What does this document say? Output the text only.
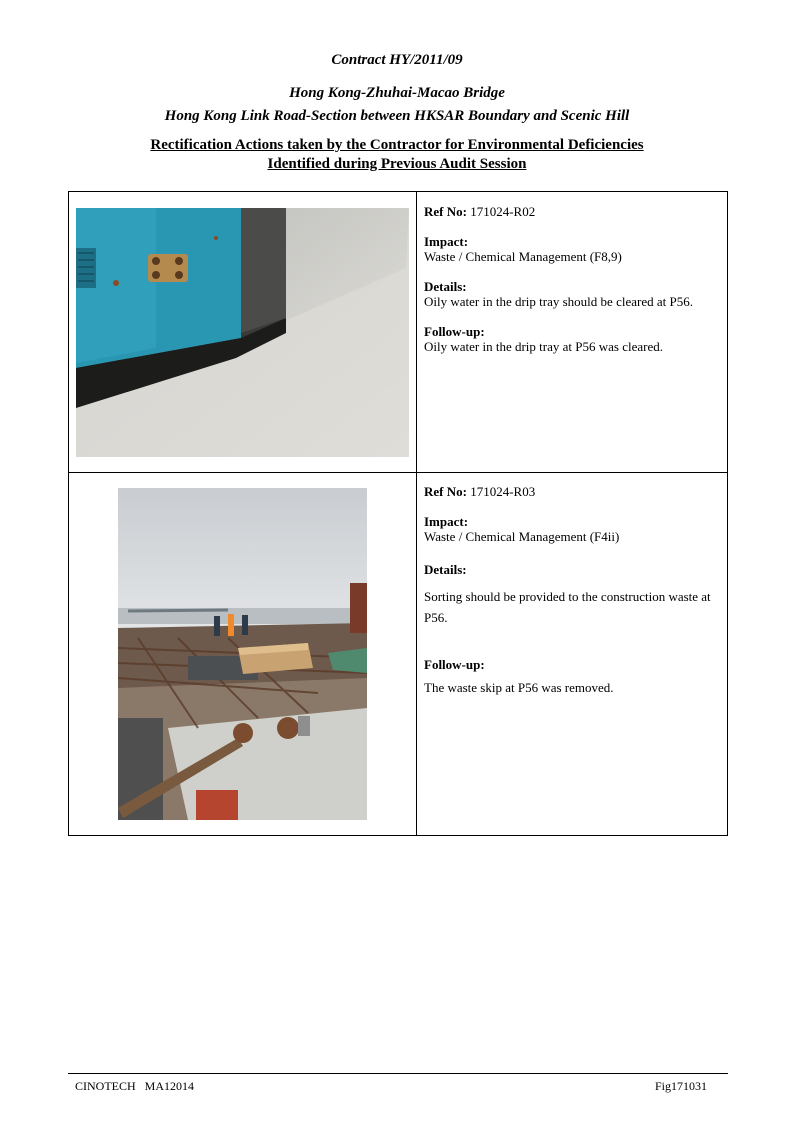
Contract HY/2011/09
Hong Kong-Zhuhai-Macao Bridge
Hong Kong Link Road-Section between HKSAR Boundary and Scenic Hill
Rectification Actions taken by the Contractor for Environmental Deficiencies
Identified during Previous Audit Session
Ref No: 171024-R02
Impact:
Waste / Chemical Management (F8,9)
Details:
Oily water in the drip tray should be cleared at P56.
Follow-up:
Oily water in the drip tray at P56 was cleared.
Ref No: 171024-R03
Impact:
Waste / Chemical Management (F4ii)
Details:
Sorting should be provided to the construction waste at P56.
Follow-up:
The waste skip at P56 was removed.
CINOTECH   MA12014	Fig171031
